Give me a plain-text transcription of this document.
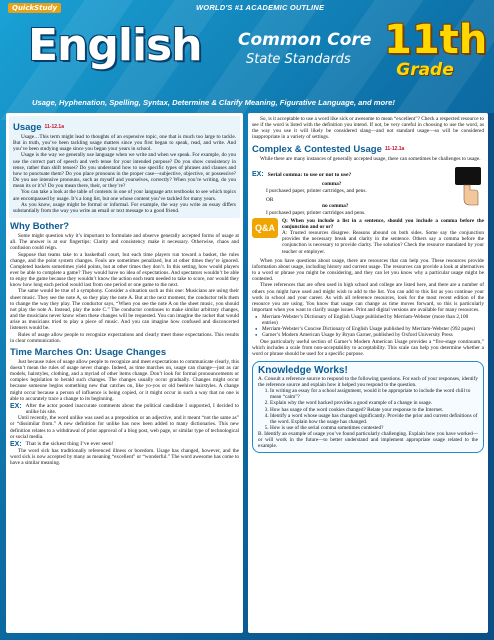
QuickStudy	WORLD'S #1 ACADEMIC OUTLINE
English Common Core
State Standards 11th
Grade
Usage, Hyphenation, Spelling, Syntax, Determine & Clarify Meaning, Figurative Language, and more!
Usage 11-12.1a

Usage…This term might lead to thoughts of an expensive topic, one that is much too large to tackle. But in truth, you’ve been tackling usage matters since you first began to speak, read, and write. And you’ve been studying usage since you began your years in school.

Usage is the way we generally use language when we write and when we speak. For example, do you use the correct part of speech and verb tense for your intended purpose? Do you show consistency in tense, rather than shift tenses? Do you understand how to use specific types of phrases and clauses and how to punctuate them? Do you place pronouns in the proper case—subjective, objective, or possessive? Do you use intensive pronouns, such as myself and yourselves, correctly? When you’re writing, do you mean its or it’s? Do you mean there, their, or they’re?

You can take a look at the table of contents in one of your language arts textbooks to see which topics are encompassed by usage. It’s a long list, but one whose content you’ve tackled for many years.

As you know, usage might be formal or informal. For example, the way you write an essay differs substantially from the way you write an email or text message to a good friend.

Why Bother?

Some might question why it’s important to formulate and observe generally accepted forms of usage at all. The answer is at our fingertips: Clarity and consistency make it necessary. Otherwise, chaos and confusion could reign.

Suppose that teams take to a basketball court, but each time players run toward a basket, the rules change, and the point system changes. Fouls are sometimes penalized, but at other times they’re ignored. Completed baskets sometimes yield points, but at other times they don’t. In this setting, how would players ever be able to complete a game? They would have no idea of expectations. And spectators wouldn’t be able to enjoy the game because they wouldn’t know the action each team needed to take to score, nor would they know how long each period would last from one period or one game to the next.

The same would be true of a symphony. Consider a situation such as this one: Musicians are using their sheet music. They see the note A, so they play the note A. But at the next moment, the conductor tells them to change the way they play. The conductor says, “When you see the note A on the sheet music, you should not play the note A. Instead, play the note C.” The conductor continues to make similar arbitrary changes, and the musicians never know when these changes will be requested. You can imagine the racket that would arise as musicians tried to play a piece of music. And you can imagine how confused and disconcerted listeners would be.

Rules of usage allow people to recognize expectations and clearly meet those expectations. This results in clear communication.

Time Marches On: Usage Changes

Just because rules of usage allow people to recognize and meet expectations to communicate clearly, this doesn’t mean the rules of usage never change. Indeed, as time marches on, usage can change—just as car models, hairstyles, clothing, and a myriad of other items change. Don’t look for formal pronouncements or complex legislation to herald such changes. The changes usually occur gradually. Changes might occur because someone begins something new that catches on, like yo-yos or old beehive hairstyles. A change might occur because a person of influence is being copied, or it might occur in such a way that no one is able to accurately trace a change to its beginning.

EX: After the actor posted inaccurate comments about the political candidate I supported, I decided to unlike his site.

Until recently, the word unlike was used as a preposition or an adjective, and it meant “not the same as” or “dissimilar from.” A new definition for unlike has now been added to many dictionaries. This new definition relates to a withdrawal of prior approval of a blog post, web page, or similar type of technological or social media.

EX: That is the sickest thing I’ve ever seen!

The word sick has traditionally referenced illness or boredom. Usage has changed, however, and the word sick is now accepted by many as meaning “excellent” or “wonderful.” The word awesome has come to have a similar meaning.

So, is it acceptable to use a word like sick or awesome to mean “excellent”? Check a respected resource to see if the word is listed with the definition you intend. If not, be very careful in choosing to use the word, as the way you use it will likely be considered slang—and not standard usage—so will be considered inappropriate in a variety of settings.

Complex & Contested Usage 11-12.1a

While there are many instances of generally accepted usage, there can sometimes be challenges to usage.

EX: Serial comma: to use or not to use?
comma?
I purchased paper, printer cartridges, and pens.
OR
no comma?
I purchased paper, printer cartridges and pens.
Q&A

Q: When you include a list in a sentence, should you include a comma before the conjunction and or or?

A: Trusted resources disagree. Reasons abound on both sides. Some say the conjunction provides the necessary break and clarity in the sentence. Others say a comma before the conjunction is necessary to provide clarity. The solution? Check the resource mandated by your teacher or employer.

When you have questions about usage, there are resources that can help you. These resources provide information about usage, including history and current usage. The resources can provide a look at alternatives to a word or phrase you might be considering, and they can let you know why a particular usage might be contested.

Three references that are often used in high school and college are listed here, and there are a number of others you might have used and might wish to add to the list. You can add to this list as you continue your work in school and your career. As with all reference resources, look for the most recent edition of the resource you are using. You know that usage can change as time moves forward, so this is particularly important when you want to clarify usage issues. Print and digital versions are available for many resources.

● Merriam-Webster’s Dictionary of English Usage published by Merriam-Webster (more than 2,100 entries)
● Merriam-Webster’s Concise Dictionary of English Usage published by Merriam-Webster (992 pages)
● Garner’s Modern American Usage by Bryan Garner, published by Oxford University Press

One particularly useful section of Garner’s Modern American Usage provides a “five-stage continuum,” which includes a scale from non-acceptability to acceptability. This scale can help you determine whether a word or phrase should be used for a specific purpose.

Knowledge Works!

A. Consult a reference source to respond to the following questions. For each of your responses, identify the reference source and explain how it helped you respond to the question.

1. In writing an essay for a school assignment, would it be appropriate to include the word chill to mean “calm”?
2. Explain why the word hacked provides a good example of a change in usage.
3. How has usage of the word cookies changed? Relate your response to the Internet.
4. Identify a word whose usage has changed significantly. Provide the prior and current definitions of the word. Explain how the usage has changed.
5. How is use of the serial comma sometimes contested?

B. Identify an example of usage you’ve found particularly challenging. Explain how you have worked—or will work in the future—to better understand and implement appropriate usage related to the example.
